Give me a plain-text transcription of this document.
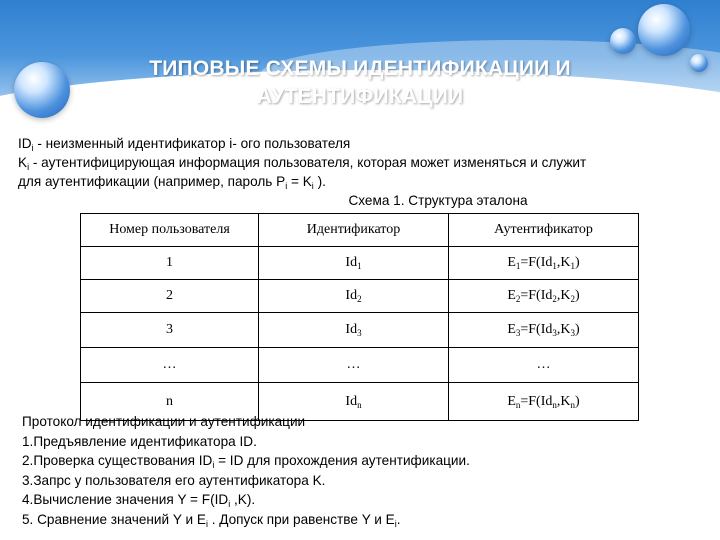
ТИПОВЫЕ СХЕМЫ ИДЕНТИФИКАЦИИ И АУТЕНТИФИКАЦИИ
$ID_i$ - неизменный идентификатор i- ого пользователя
$K_i$ - аутентифицирующая информация пользователя, которая может изменяться и служит
для аутентификации (например, пароль $P_i = K_i$ ).
Схема 1. Структура эталона
Номер пользователя	Идентификатор	Аутентификатор
1	$Id_1$	$E_1=F(Id_1,K_1)$
2	$Id_2$	$E_2=F(Id_2,K_2)$
3	$Id_3$	$E_3=F(Id_3,K_3)$
…	…	…
n	$Id_n$	$E_n=F(Id_n,K_n)$
Протокол идентификации и аутентификации
1.Предъявление идентификатора ID.
2.Проверка существования $ID_i$ = ID для прохождения аутентификации.
3.Запрс у пользователя его аутентификатора K.
4.Вычисление значения $Y = F(ID_i$ ,K).
5. Сравнение значений Y и $E_i$ . Допуск при равенстве Y и $E_i$.
